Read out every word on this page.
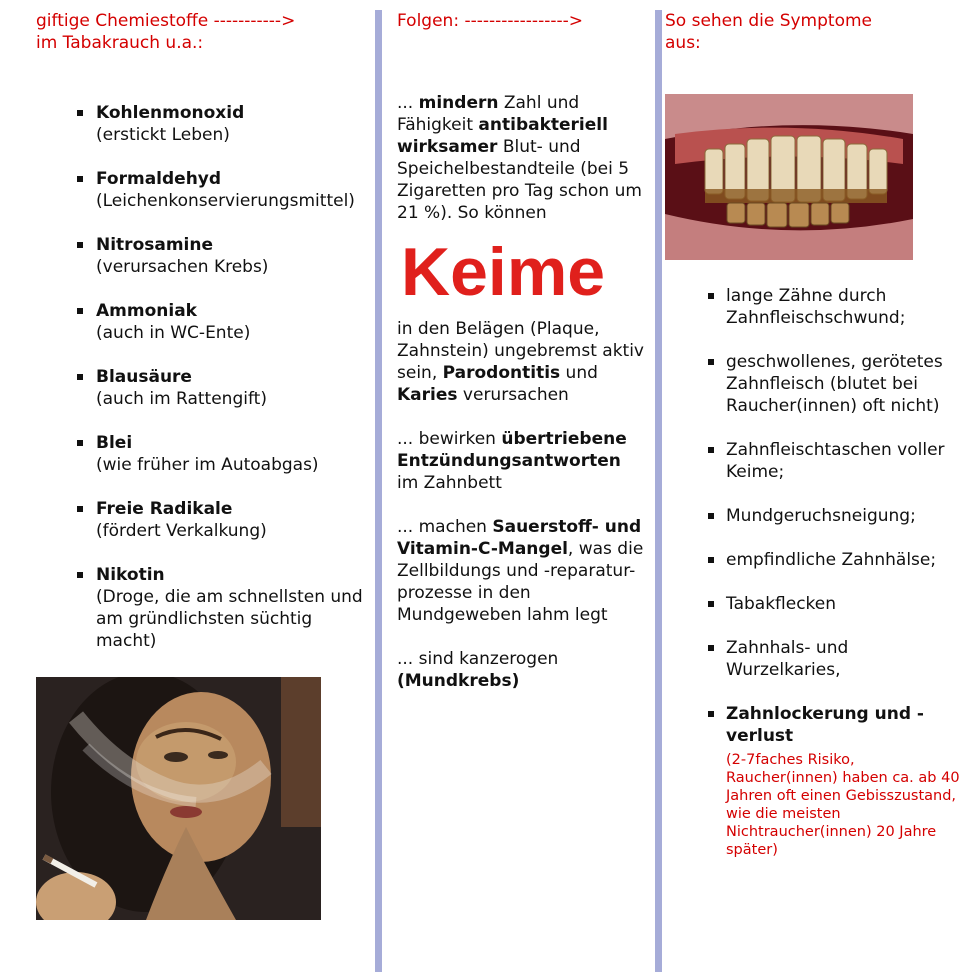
giftige Chemiestoffe ----------->
im Tabakrauch u.a.:
Kohlenmonoxid
(erstickt Leben)
Formaldehyd
(Leichenkonservierungsmittel)
Nitrosamine
(verursachen Krebs)
Ammoniak
(auch in WC-Ente)
Blausäure
(auch im Rattengift)
Blei
(wie früher im Autoabgas)
Freie Radikale
(fördert Verkalkung)
Nikotin
(Droge, die am schnellsten und am gründlichsten süchtig macht)
Folgen: ----------------->

... mindern Zahl und Fähigkeit antibakteriell wirksamer Blut- und Speichelbestandteile (bei 5 Zigaretten pro Tag schon um 21 %). So können

Keime

in den Belägen (Plaque, Zahnstein) ungebremst aktiv sein, Parodontitis und Karies verursachen

... bewirken übertriebene Entzündungsantworten im Zahnbett

... machen Sauerstoff- und Vitamin-C-Mangel, was die Zellbildungs und -reparatur-prozesse in den Mundgeweben lahm legt

... sind kanzerogen (Mundkrebs)

So sehen die Symptome
aus:
lange Zähne durch Zahnfleischschwund;
geschwollenes, gerötetes Zahnfleisch (blutet bei Raucher(innen) oft nicht)
Zahnfleischtaschen voller Keime;
Mundgeruchsneigung;
empfindliche Zahnhälse;
Tabakflecken
Zahnhals- und Wurzelkaries,
Zahnlockerung und -verlust
(2-7faches Risiko, Raucher(innen) haben ca. ab 40 Jahren oft einen Gebisszustand, wie die meisten Nichtraucher(innen) 20 Jahre später)
